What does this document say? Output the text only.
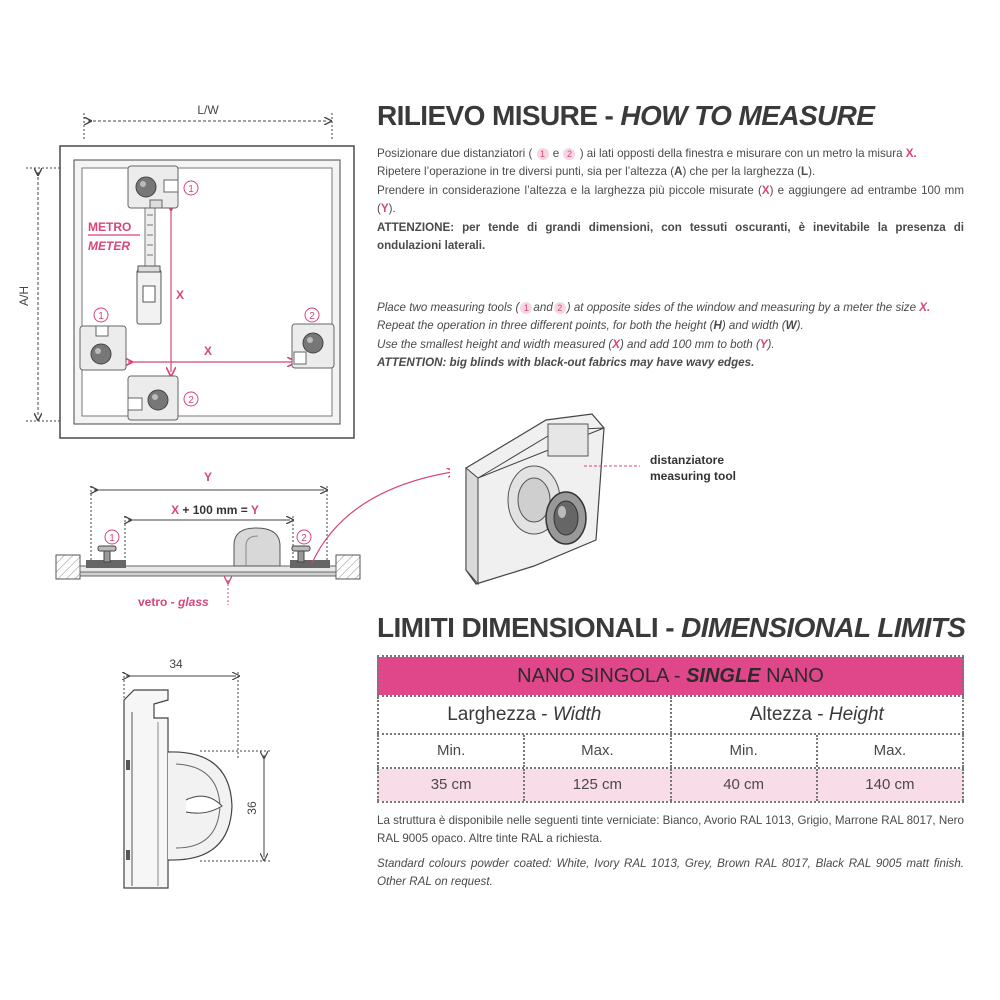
L/W
A/H
METRO
METER
X
X
1
1	2
2
RILIEVO MISURE - HOW TO MEASURE

Posizionare due distanziatori ( 1 e 2 ) ai lati opposti della finestra e misurare con un metro la misura X.

Ripetere l’operazione in tre diversi punti, sia per l’altezza (A) che per la larghezza (L).

Prendere in considerazione l’altezza e la larghezza più piccole misurate (X) e aggiungere ad entrambe 100 mm (Y).

ATTENZIONE: per tende di grandi dimensioni, con tessuti oscuranti, è inevitabile la presenza di ondulazioni laterali.

Place two measuring tools ( 1 and 2 ) at opposite sides of the window and measuring by a meter the size X.

Repeat the operation in three different points, for both the height (H) and width (W).

Use the smallest height and width measured (X) and add 100 mm to both (Y).

ATTENTION: big blinds with black-out fabrics may have wavy edges.

Y
X + 100 mm = Y
1	2
vetro - glass
distanziatore
measuring tool
LIMITI DIMENSIONALI - DIMENSIONAL LIMITS
34
36
NANO SINGOLA - SINGLE NANO
Larghezza - Width	Altezza - Height
Min.	Max.	Min.	Max.
35 cm	125 cm	40 cm	140 cm
La struttura è disponibile nelle seguenti tinte verniciate: Bianco, Avorio RAL 1013, Grigio, Marrone RAL 8017, Nero RAL 9005 opaco. Altre tinte RAL a richiesta.
Standard colours powder coated: White, Ivory RAL 1013, Grey, Brown RAL 8017, Black RAL 9005 matt finish. Other RAL on request.
